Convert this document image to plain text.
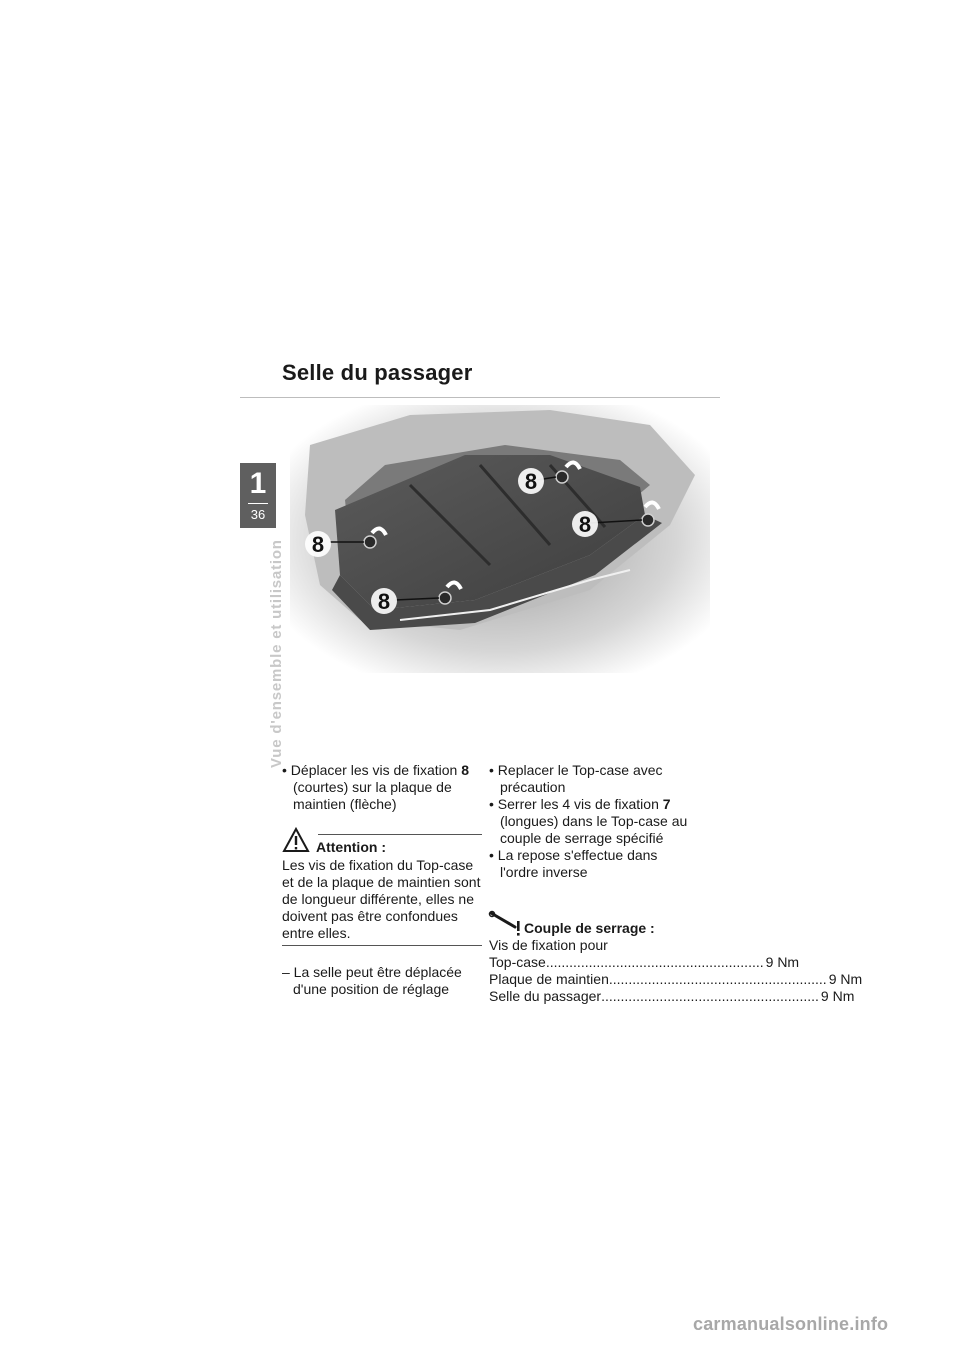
Selle du passager
1
36
Vue d'ensemble et utilisation 8
8
8
8

• Déplacer les vis de fixation 8
(courtes) sur la plaque de maintien (flèche)

Attention :
Les vis de fixation du Top-case et de la plaque de maintien sont de longueur différente, elles ne doivent pas être confondues entre elles.

– La selle peut être déplacée d'une position de réglage

• Replacer le Top-case avec précaution

• Serrer les 4 vis de fixation 7
(longues) dans le Top-case au couple de serrage spécifié

• La repose s'effectue dans l'ordre inverse

Couple de serrage :
Vis de fixation pour
Top-case ........................................................ 9 Nm
Plaque de maintien ........................................................ 9 Nm
Selle du passager ........................................................ 9 Nm
carmanualsonline.info
